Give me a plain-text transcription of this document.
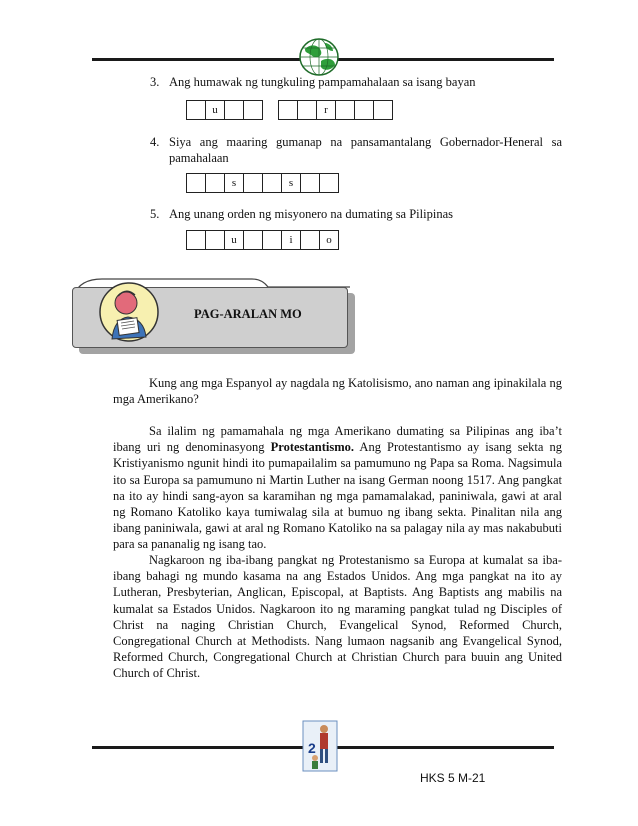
3. Ang humawak ng tungkuling pampamahalaan sa isang bayan
u	r
4. Siya ang maaring gumanap na pansamantalang Gobernador-Heneral sa pamahalaan
s	s
5. Ang unang orden ng misyonero na dumating sa Pilipinas
u	i	o
PAG-ARALAN MO
Kung ang mga Espanyol ay nagdala ng Katolisismo, ano naman ang ipinakilala ng mga Amerikano?
Sa ilalim ng pamamahala ng mga Amerikano dumating sa Pilipinas ang iba’t ibang uri ng denominasyong Protestantismo. Ang Protestantismo ay isang sekta ng Kristiyanismo ngunit hindi ito pumapailalim sa pamumuno ng Papa sa Roma. Nagsimula ito sa Europa sa pamumuno ni Martin Luther na isang German noong 1517. Ang pangkat na ito ay hindi sang-ayon sa karamihan ng mga pamamalakad, paniniwala, gawi at aral ng Romano Katoliko kaya tumiwalag sila at bumuo ng ibang sekta. Pinalitan nila ang ibang paniniwala, gawi at aral ng Romano Katoliko na sa palagay nila ay mas nakabubuti para sa pananalig ng isang tao.
Nagkaroon ng iba-ibang pangkat ng Protestanismo sa Europa at kumalat sa iba-ibang bahagi ng mundo kasama na ang Estados Unidos. Ang mga pangkat na ito ay Lutheran, Presbyterian, Anglican, Episcopal, at Baptists. Ang Baptists ang mabilis na kumalat sa Estados Unidos. Nagkaroon ito ng maraming pangkat tulad ng Disciples of Christ na naging Christian Church, Evangelical Synod, Reformed Church, Congregational Church at Methodists. Nang lumaon nagsanib ang Evangelical Synod, Reformed Church, Congregational Church at Christian Church para buuin ang United Church of Christ.
2
HKS 5 M-21
